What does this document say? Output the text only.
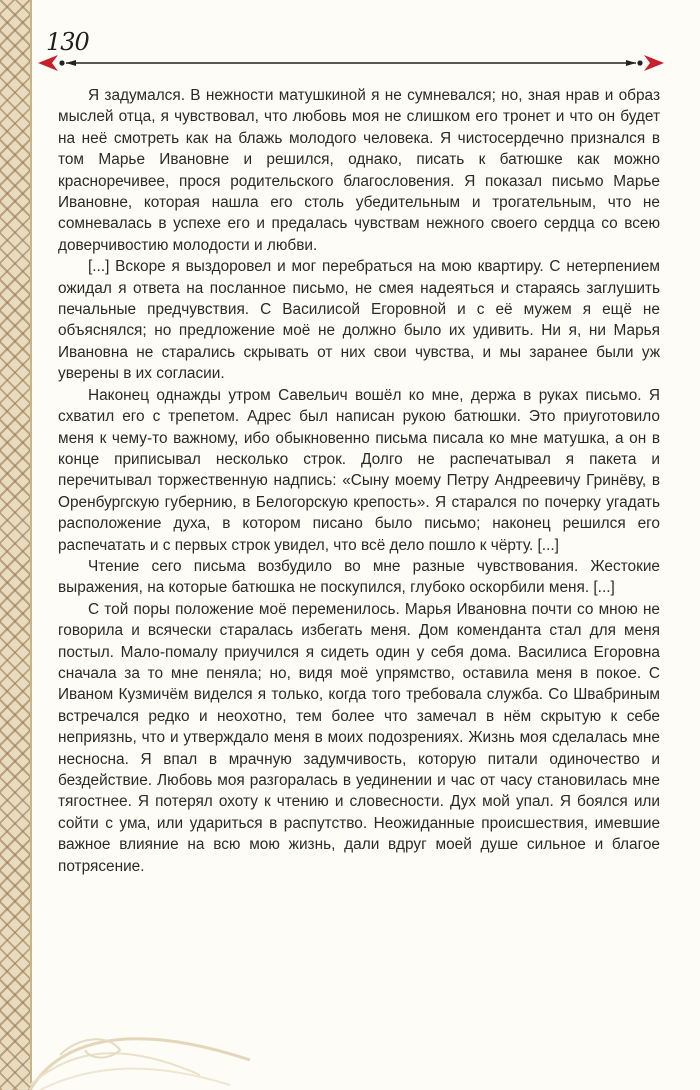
130

Я задумался. В нежности матушкиной я не сумневался; но, зная нрав и образ мыслей отца, я чувствовал, что любовь моя не слишком его тронет и что он будет на неё смотреть как на блажь молодого человека. Я чистосердечно признался в том Марье Ивановне и решился, однако, писать к батюшке как можно красноречивее, прося родительского благословения. Я показал письмо Марье Ивановне, которая нашла его столь убедительным и трогательным, что не сомневалась в успехе его и предалась чувствам нежного своего сердца со всею доверчивостию молодости и любви.

[...] Вскоре я выздоровел и мог перебраться на мою квартиру. С нетерпением ожидал я ответа на посланное письмо, не смея надеяться и стараясь заглушить печальные предчувствия. С Василисой Егоровной и с её мужем я ещё не объяснялся; но предложение моё не должно было их удивить. Ни я, ни Марья Ивановна не старались скрывать от них свои чувства, и мы заранее были уж уверены в их согласии.

Наконец однажды утром Савельич вошёл ко мне, держа в руках письмо. Я схватил его с трепетом. Адрес был написан рукою батюшки. Это приуготовило меня к чему-то важному, ибо обыкновенно письма писала ко мне матушка, а он в конце приписывал несколько строк. Долго не распечатывал я пакета и перечитывал торжественную надпись: «Сыну моему Петру Андреевичу Гринёву, в Оренбургскую губернию, в Белогорскую крепость». Я старался по почерку угадать расположение духа, в котором писано было письмо; наконец решился его распечатать и с первых строк увидел, что всё дело пошло к чёрту. [...]

Чтение сего письма возбудило во мне разные чувствования. Жестокие выражения, на которые батюшка не поскупился, глубоко оскорбили меня. [...]

С той поры положение моё переменилось. Марья Ивановна почти со мною не говорила и всячески старалась избегать меня. Дом коменданта стал для меня постыл. Мало-помалу приучился я сидеть один у себя дома. Василиса Егоровна сначала за то мне пеняла; но, видя моё упрямство, оставила меня в покое. С Иваном Кузмичём виделся я только, когда того требовала служба. Со Швабриным встречался редко и неохотно, тем более что замечал в нём скрытую к себе неприязнь, что и утверждало меня в моих подозрениях. Жизнь моя сделалась мне несносна. Я впал в мрачную задумчивость, которую питали одиночество и бездействие. Любовь моя разгоралась в уединении и час от часу становилась мне тягостнее. Я потерял охоту к чтению и словесности. Дух мой упал. Я боялся или сойти с ума, или удариться в распутство. Неожиданные происшествия, имевшие важное влияние на всю мою жизнь, дали вдруг моей душе сильное и благое потрясение.
